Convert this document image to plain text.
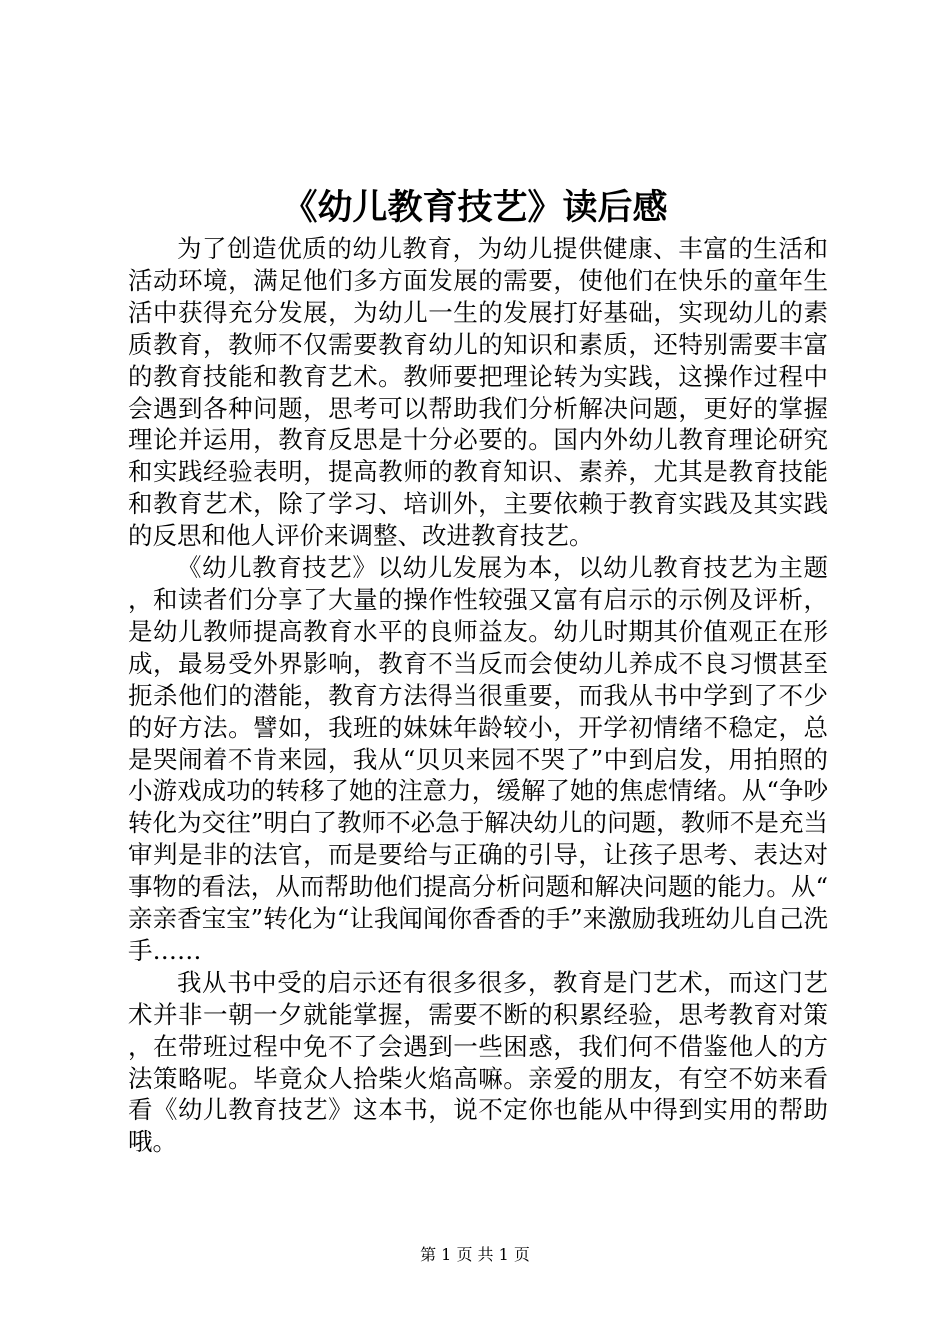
《幼儿教育技艺》读后感

为了创造优质的幼儿教育，为幼儿提供健康、丰富的生活和活动环境，满足他们多方面发展的需要，使他们在快乐的童年生活中获得充分发展，为幼儿一生的发展打好基础，实现幼儿的素质教育，教师不仅需要教育幼儿的知识和素质，还特别需要丰富的教育技能和教育艺术。教师要把理论转为实践，这操作过程中会遇到各种问题，思考可以帮助我们分析解决问题，更好的掌握理论并运用，教育反思是十分必要的。国内外幼儿教育理论研究和实践经验表明，提高教师的教育知识、素养，尤其是教育技能和教育艺术，除了学习、培训外，主要依赖于教育实践及其实践的反思和他人评价来调整、改进教育技艺。

《幼儿教育技艺》以幼儿发展为本，以幼儿教育技艺为主题，和读者们分享了大量的操作性较强又富有启示的示例及评析，是幼儿教师提高教育水平的良师益友。幼儿时期其价值观正在形成，最易受外界影响，教育不当反而会使幼儿养成不良习惯甚至扼杀他们的潜能，教育方法得当很重要，而我从书中学到了不少的好方法。譬如，我班的妹妹年龄较小，开学初情绪不稳定，总是哭闹着不肯来园，我从“贝贝来园不哭了”中到启发，用拍照的小游戏成功的转移了她的注意力，缓解了她的焦虑情绪。从“争吵转化为交往”明白了教师不必急于解决幼儿的问题，教师不是充当审判是非的法官，而是要给与正确的引导，让孩子思考、表达对事物的看法，从而帮助他们提高分析问题和解决问题的能力。从“亲亲香宝宝”转化为“让我闻闻你香香的手”来激励我班幼儿自己洗手……

我从书中受的启示还有很多很多，教育是门艺术，而这门艺术并非一朝一夕就能掌握，需要不断的积累经验，思考教育对策，在带班过程中免不了会遇到一些困惑，我们何不借鉴他人的方法策略呢。毕竟众人拾柴火焰高嘛。亲爱的朋友，有空不妨来看看《幼儿教育技艺》这本书，说不定你也能从中得到实用的帮助哦。

第 1 页 共 1 页
